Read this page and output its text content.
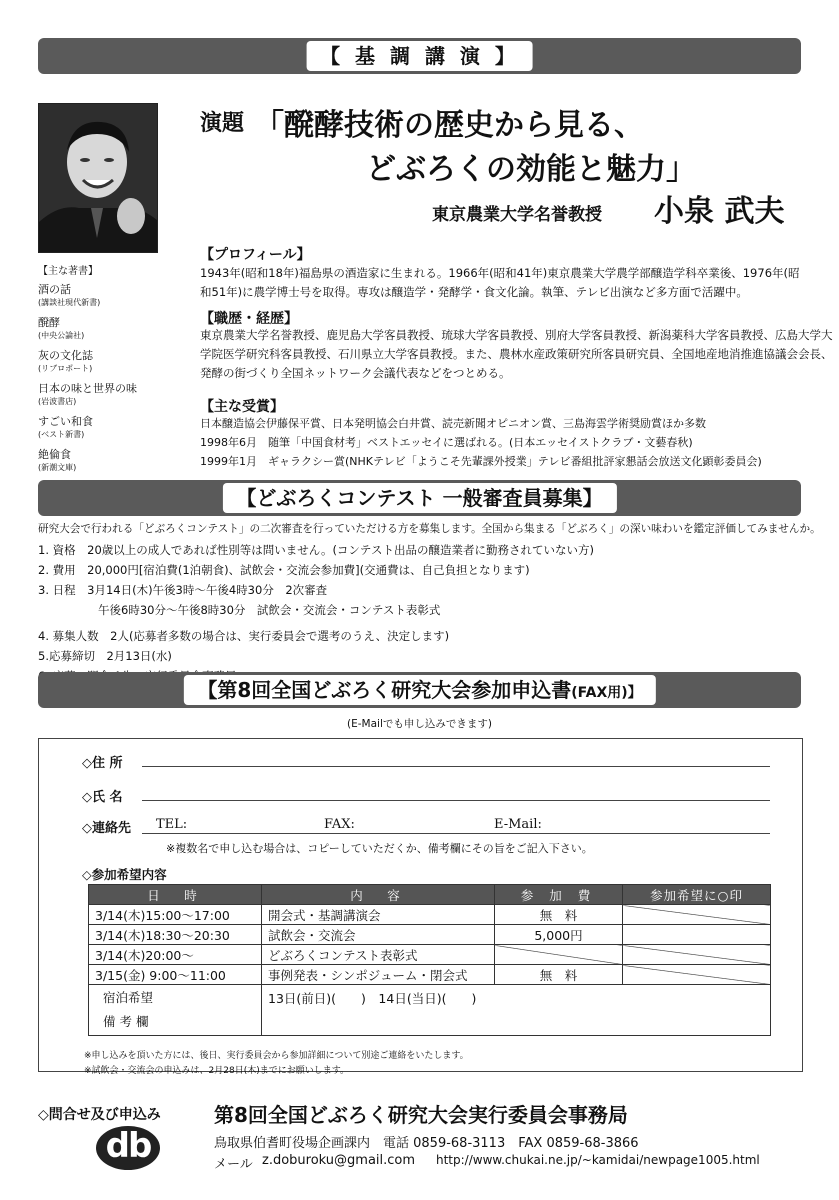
【 基 調 講 演 】
演題 「醗酵技術の歴史から見る、
どぶろくの効能と魅力」
東京農業大学名誉教授 小泉 武夫
【主な著書】
酒の話
(講談社現代新書)
醗酵
(中央公論社)
灰の文化誌
(リブロポート)
日本の味と世界の味
(岩波書店)
すごい和食
(ベスト新書)
絶倫食
(新潮文庫)
【プロフィール】
1943年(昭和18年)福島県の酒造家に生まれる。1966年(昭和41年)東京農業大学農学部醸造学科卒業後、1976年(昭
和51年)に農学博士号を取得。専攻は醸造学・発酵学・食文化論。執筆、テレビ出演など多方面で活躍中。
【職歴・経歴】
東京農業大学名誉教授、鹿児島大学客員教授、琉球大学客員教授、別府大学客員教授、新潟薬科大学客員教授、広島大学大
学院医学研究科客員教授、石川県立大学客員教授。また、農林水産政策研究所客員研究員、全国地産地消推進協議会会長、
発酵の街づくり全国ネットワーク会議代表などをつとめる。
【主な受賞】
日本醸造協会伊藤保平賞、日本発明協会白井賞、読売新聞オピニオン賞、三島海雲学術奨励賞ほか多数
1998年6月　随筆「中国食材考」ベストエッセイに選ばれる。(日本エッセイストクラブ・文藝春秋)
1999年1月　ギャラクシー賞(NHKテレビ「ようこそ先輩課外授業」テレビ番組批評家懇話会放送文化顕彰委員会)
【どぶろくコンテスト 一般審査員募集】
研究大会で行われる「どぶろくコンテスト」の二次審査を行っていただける方を募集します。全国から集まる「どぶろく」の深い味わいを鑑定評価してみませんか。
1. 資格　20歳以上の成人であれば性別等は問いません。(コンテスト出品の醸造業者に勤務されていない方)
2. 費用　20,000円[宿泊費(1泊朝食)、試飲会・交流会参加費](交通費は、自己負担となります)
3. 日程　3月14日(木)午後3時～午後4時30分　2次審査
午後6時30分～午後8時30分　試飲会・交流会・コンテスト表彰式
4. 募集人数　2人(応募者多数の場合は、実行委員会で選考のうえ、決定します)
5.応募締切　2月13日(水)
【第8回全国どぶろく研究大会参加申込書(FAX用)】
(E-Mailでも申し込みできます)
◇住 所
◇氏 名
◇連絡先 TEL:	FAX:	E-Mail:
※複数名で申し込む場合は、コピーしていただくか、備考欄にその旨をご記入下さい。
◇参加希望内容
日　時	内　容	参 加 費	参加希望に○印
3/14(木)15:00～17:00	開会式・基調講演会	無　料	
3/14(木)18:30～20:30	試飲会・交流会	5,000円	
3/14(木)20:00～	どぶろくコンテスト表彰式		
3/15(金) 9:00～11:00	事例発表・シンポジューム・閉会式	無　料	

宿泊希望
備 考 欄	13日(前日)(　　)　14日(当日)(　　)		
※申し込みを頂いた方には、後日、実行委員会から参加詳細について別途ご連絡をいたします。
※試飲会・交流会の申込みは、2月28日(木)までにお願いします。
◇問合せ及び申込み
db
第8回全国どぶろく研究大会実行委員会事務局
鳥取県伯耆町役場企画課内　電話 0859-68-3113　FAX 0859-68-3866
メール z.doburoku@gmail.com http://www.chukai.ne.jp/~kamidai/newpage1005.html
